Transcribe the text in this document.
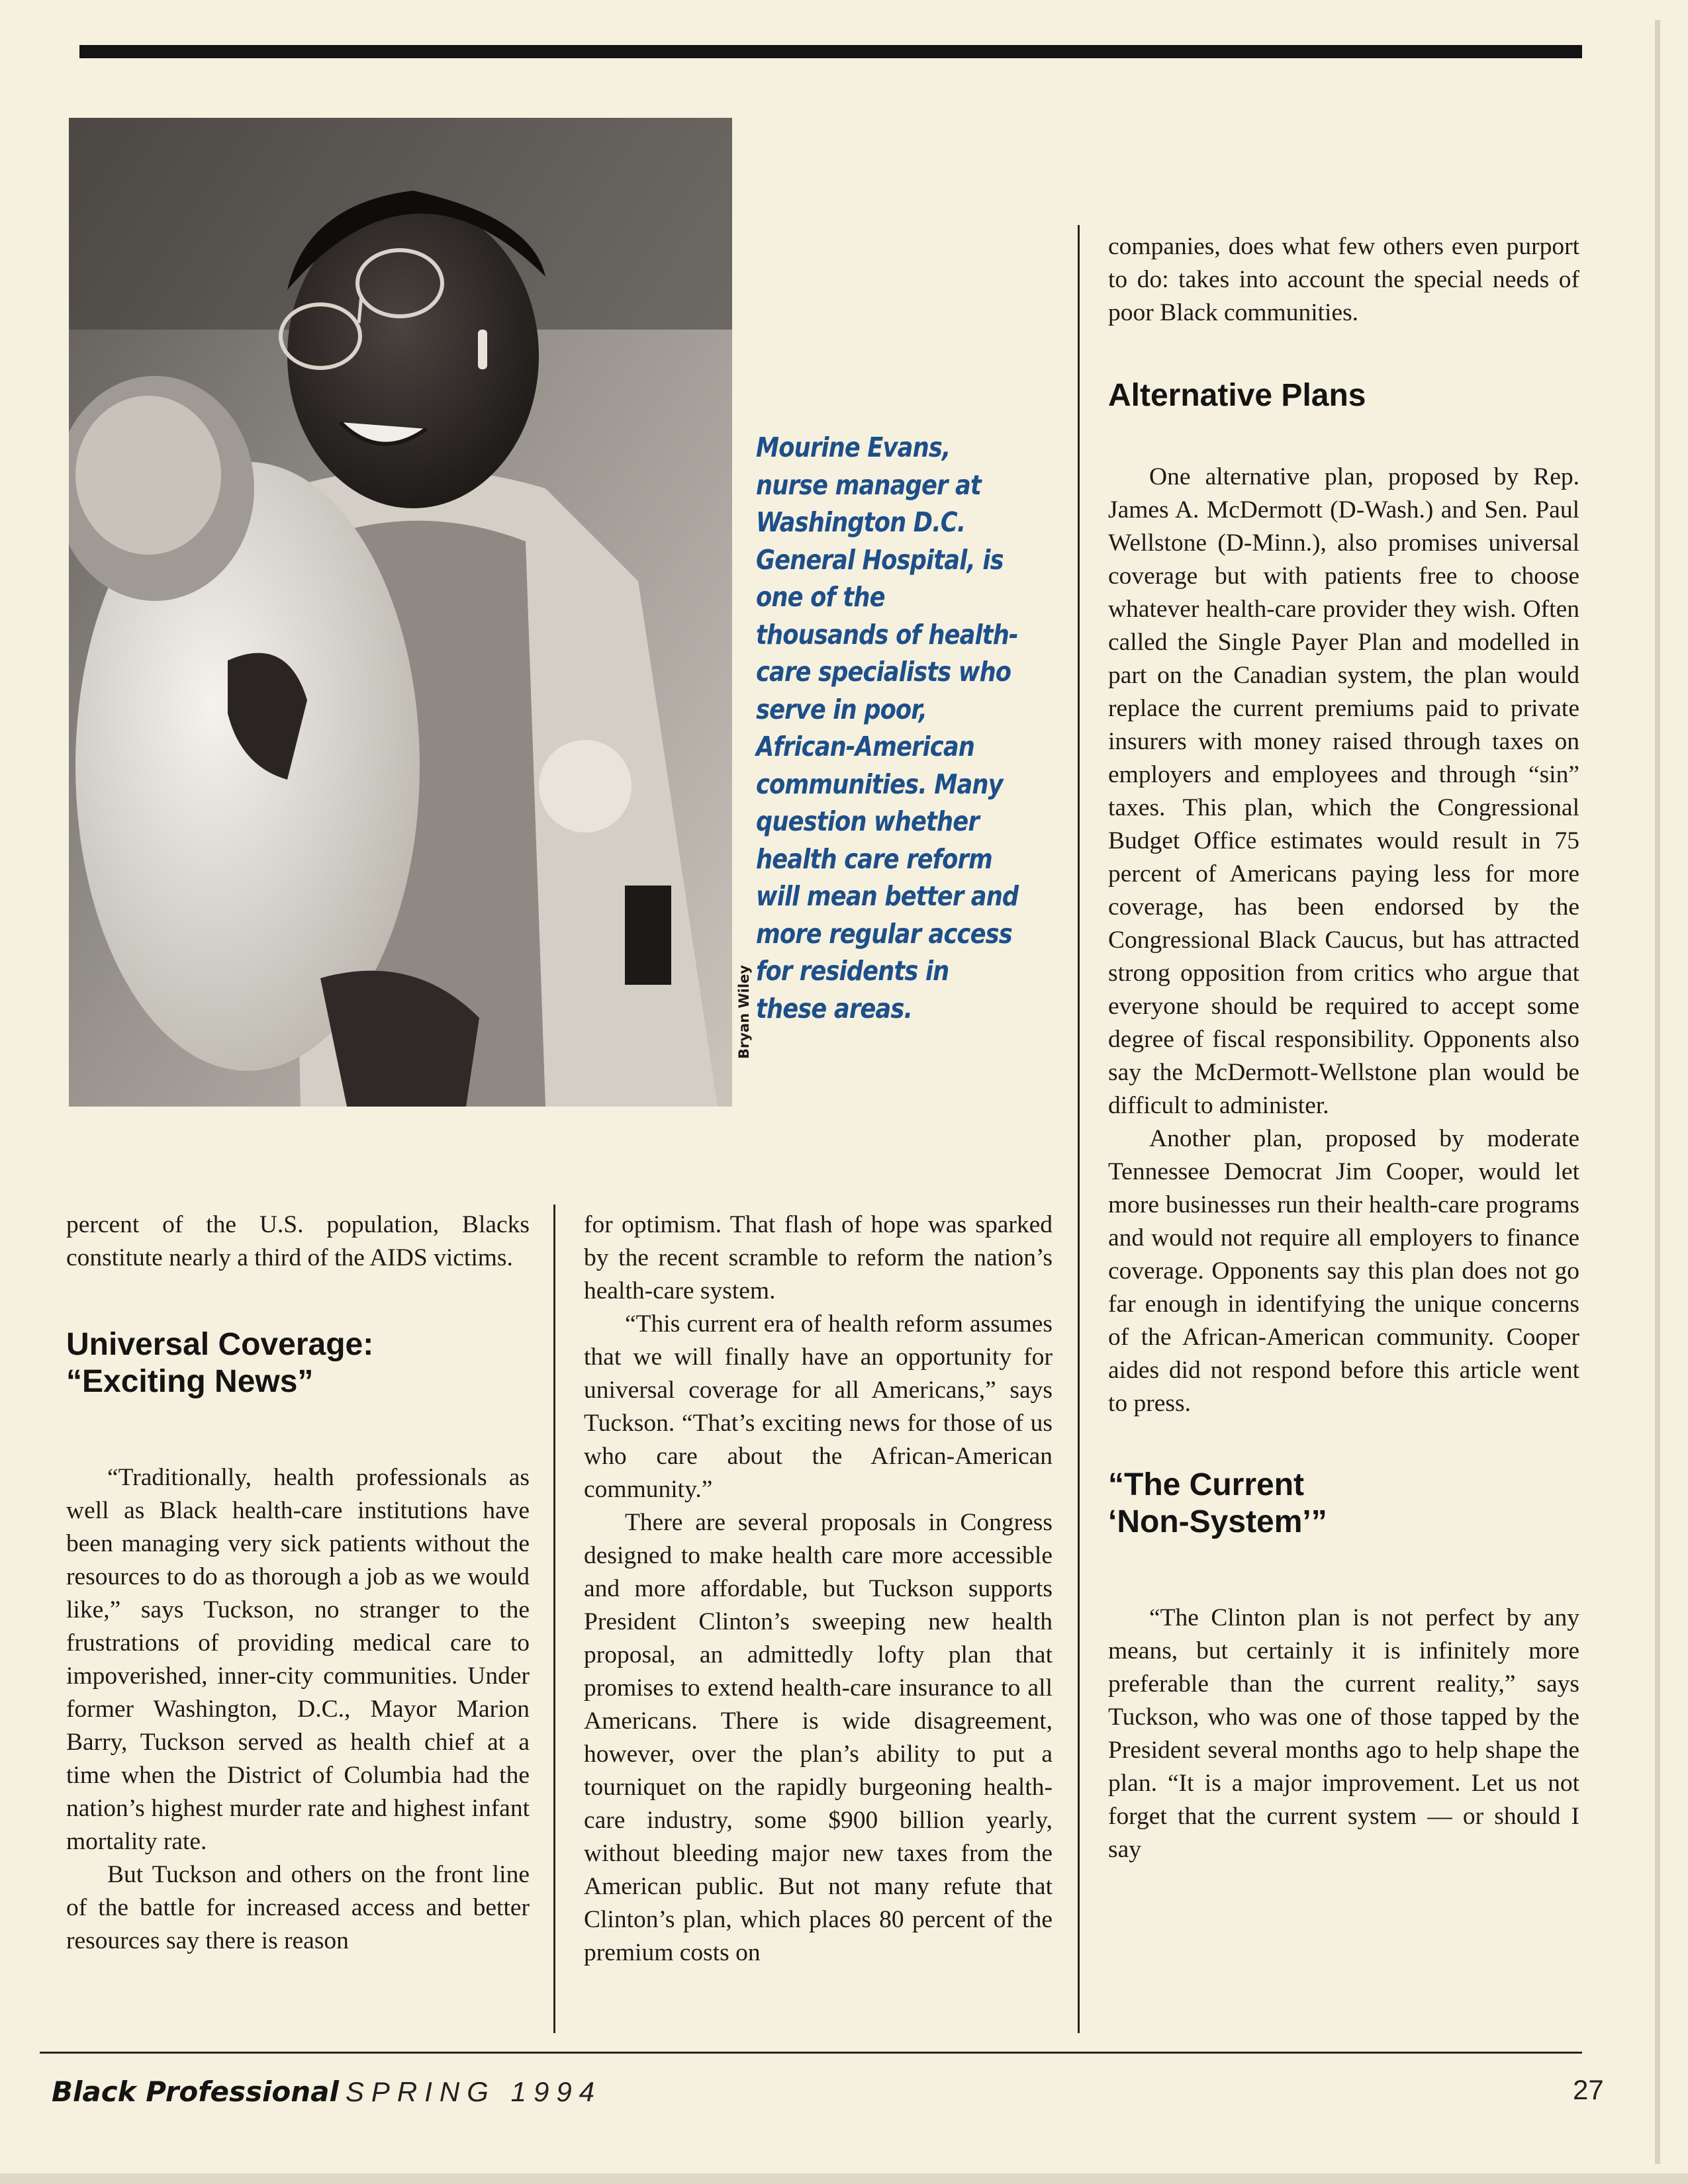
Mourine Evans, nurse manager at Washington D.C. General Hospital, is one of the thousands of health-care specialists who serve in poor, African-American communities. Many question whether health care reform will mean better and more regular access for residents in these areas.
Bryan Wiley

percent of the U.S. population, Blacks constitute nearly a third of the AIDS victims.

Universal Coverage:
“Exciting News”

“Traditionally, health professionals as well as Black health-care institutions have been managing very sick patients without the resources to do as thorough a job as we would like,” says Tuckson, no stranger to the frustrations of providing medical care to impoverished, inner-city communities. Under former Washington, D.C., Mayor Marion Barry, Tuckson served as health chief at a time when the District of Columbia had the nation’s highest murder rate and highest infant mortality rate.

But Tuckson and others on the front line of the battle for increased access and better resources say there is reason

for optimism. That flash of hope was sparked by the recent scramble to reform the nation’s health-care system.

“This current era of health reform assumes that we will finally have an opportunity for universal coverage for all Americans,” says Tuckson. “That’s exciting news for those of us who care about the African-American community.”

There are several proposals in Congress designed to make health care more accessible and more affordable, but Tuckson supports President Clinton’s sweeping new health proposal, an admittedly lofty plan that promises to extend health-care insurance to all Americans. There is wide disagreement, however, over the plan’s ability to put a tourniquet on the rapidly burgeoning health-care industry, some $900 billion yearly, without bleeding major new taxes from the American public. But not many refute that Clinton’s plan, which places 80 percent of the premium costs on

companies, does what few others even purport to do: takes into account the special needs of poor Black communities.

Alternative Plans

One alternative plan, proposed by Rep. James A. McDermott (D-Wash.) and Sen. Paul Wellstone (D-Minn.), also promises universal coverage but with patients free to choose whatever health-care provider they wish. Often called the Single Payer Plan and modelled in part on the Canadian system, the plan would replace the current premiums paid to private insurers with money raised through taxes on employers and employees and through “sin” taxes. This plan, which the Congressional Budget Office estimates would result in 75 percent of Americans paying less for more coverage, has been endorsed by the Congressional Black Caucus, but has attracted strong opposition from critics who argue that everyone should be required to accept some degree of fiscal responsibility. Opponents also say the McDermott-Wellstone plan would be difficult to administer.

Another plan, proposed by moderate Tennessee Democrat Jim Cooper, would let more businesses run their health-care programs and would not require all employers to finance coverage. Opponents say this plan does not go far enough in identifying the unique concerns of the African-American community. Cooper aides did not respond before this article went to press.

“The Current
‘Non-System’”

“The Clinton plan is not perfect by any means, but certainly it is infinitely more preferable than the current reality,” says Tuckson, who was one of those tapped by the President several months ago to help shape the plan. “It is a major improvement. Let us not forget that the current system — or should I say

Black Professional SPRING 1994	27
